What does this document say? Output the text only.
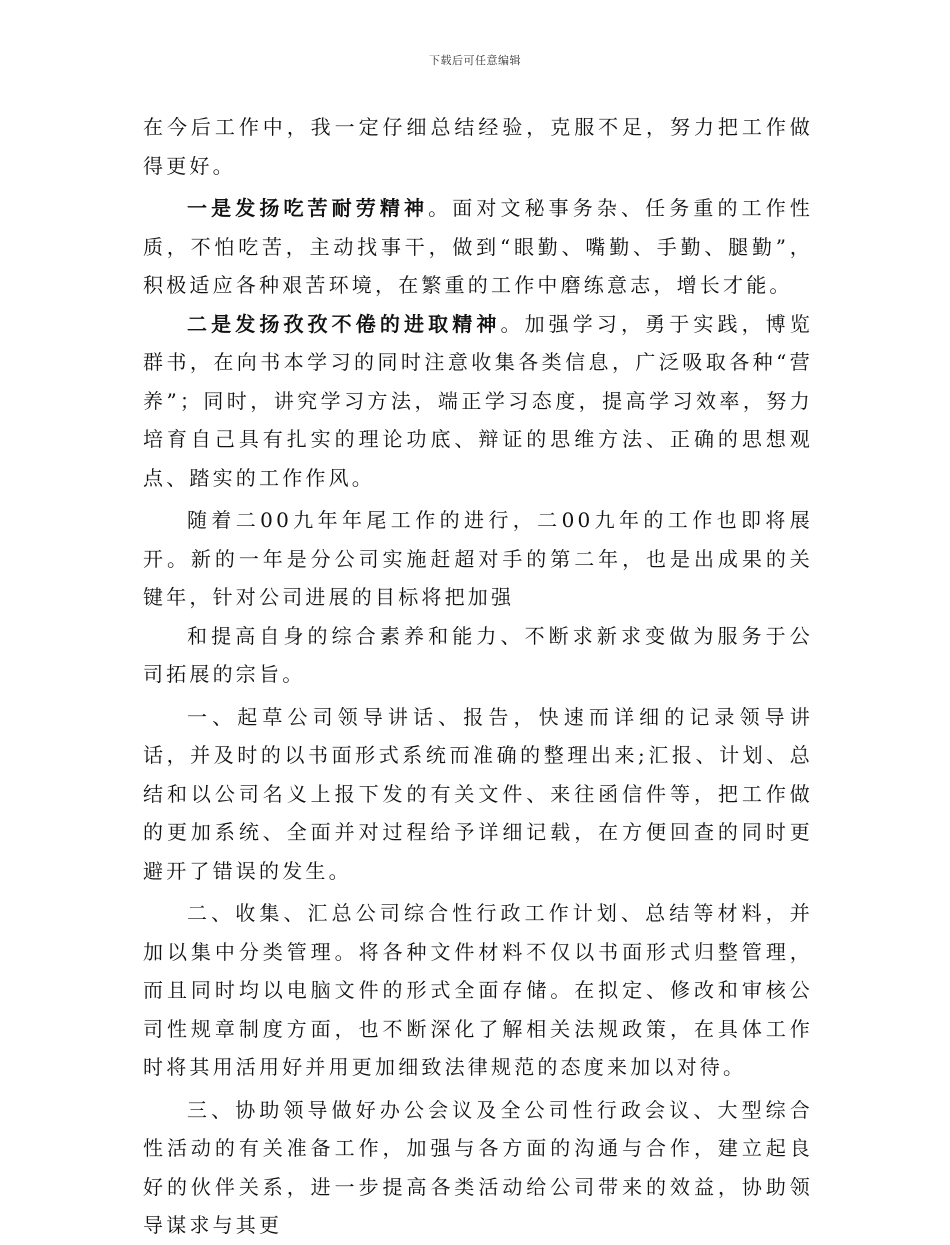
下载后可任意编辑

在今后工作中，我一定仔细总结经验，克服不足，努力把工作做得更好。

一是发扬吃苦耐劳精神。面对文秘事务杂、任务重的工作性质，不怕吃苦，主动找事干，做到“眼勤、嘴勤、手勤、腿勤”，积极适应各种艰苦环境，在繁重的工作中磨练意志，增长才能。

二是发扬孜孜不倦的进取精神。加强学习，勇于实践，博览群书，在向书本学习的同时注意收集各类信息，广泛吸取各种“营养”；同时，讲究学习方法，端正学习态度，提高学习效率，努力培育自己具有扎实的理论功底、辩证的思维方法、正确的思想观点、踏实的工作作风。

随着二00九年年尾工作的进行，二00九年的工作也即将展开。新的一年是分公司实施赶超对手的第二年，也是出成果的关键年，针对公司进展的目标将把加强

和提高自身的综合素养和能力、不断求新求变做为服务于公司拓展的宗旨。

一、起草公司领导讲话、报告，快速而详细的记录领导讲话，并及时的以书面形式系统而准确的整理出来;汇报、计划、总结和以公司名义上报下发的有关文件、来往函信件等，把工作做的更加系统、全面并对过程给予详细记载，在方便回查的同时更避开了错误的发生。

二、收集、汇总公司综合性行政工作计划、总结等材料，并加以集中分类管理。将各种文件材料不仅以书面形式归整管理，而且同时均以电脑文件的形式全面存储。在拟定、修改和审核公司性规章制度方面，也不断深化了解相关法规政策，在具体工作时将其用活用好并用更加细致法律规范的态度来加以对待。

三、协助领导做好办公会议及全公司性行政会议、大型综合性活动的有关准备工作，加强与各方面的沟通与合作，建立起良好的伙伴关系，进一步提高各类活动给公司带来的效益，协助领导谋求与其更
